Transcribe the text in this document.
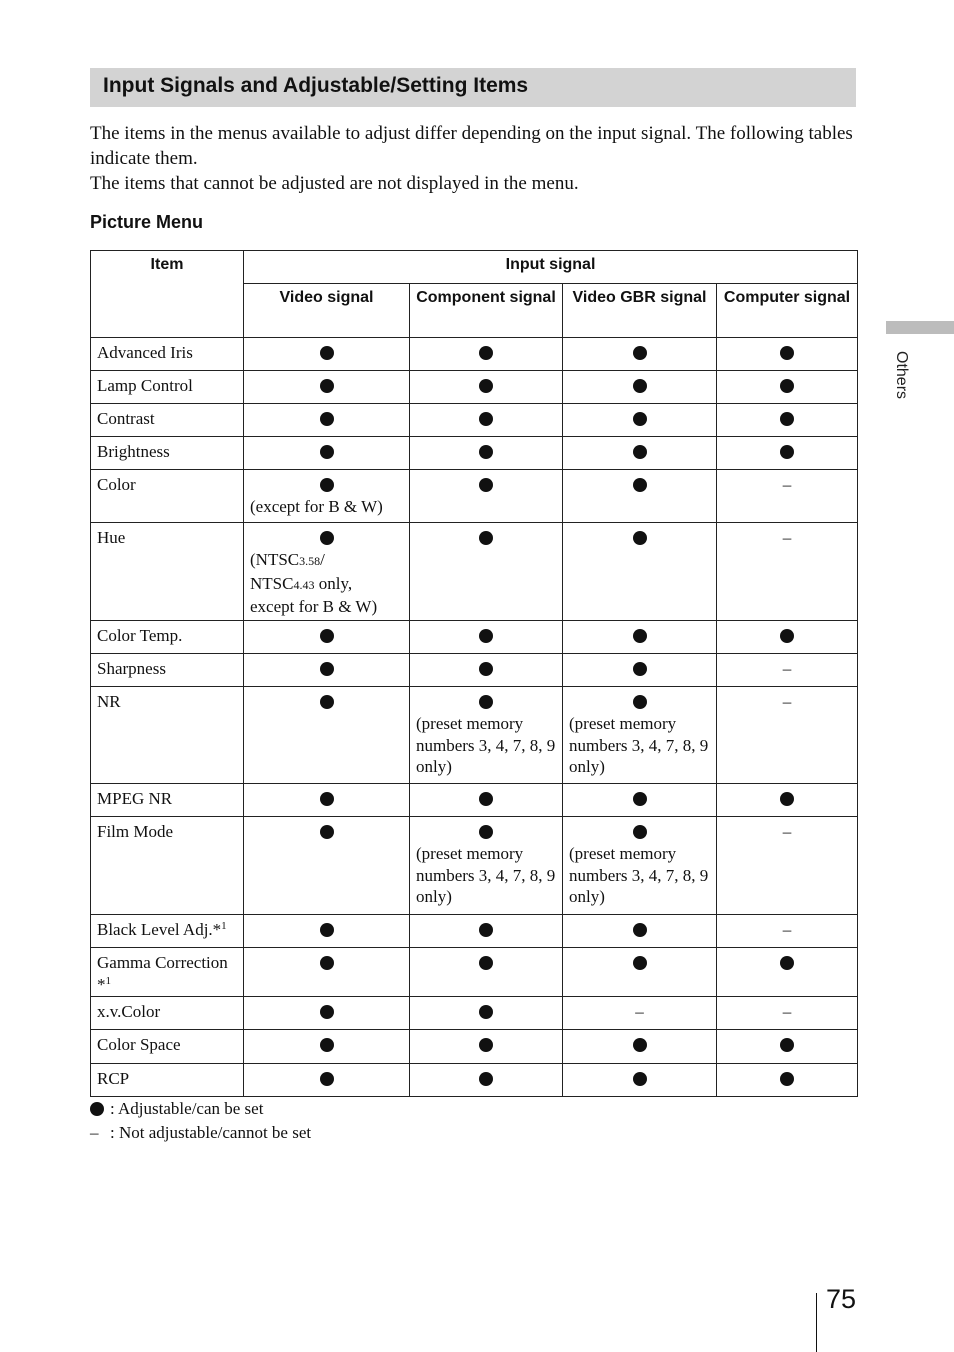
Input Signals and Adjustable/Setting Items

The items in the menus available to adjust differ depending on the input signal. The following tables indicate them.

The items that cannot be adjusted are not displayed in the menu.

Picture Menu
Item	Input signal			
	Video signal	Component signal	Video GBR signal	Computer signal
Advanced Iris				
Lamp Control				
Contrast				
Brightness				
Color	(except for B & W)			–
Hue	(NTSC3.58/
NTSC4.43 only,
except for B & W)			–
Color Temp.				
Sharpness				–
NR		(preset memory numbers 3, 4, 7, 8, 9 only)	(preset memory numbers 3, 4, 7, 8, 9 only)	–
MPEG NR				
Film Mode		(preset memory numbers 3, 4, 7, 8, 9 only)	(preset memory numbers 3, 4, 7, 8, 9 only)	–
Black Level Adj.*$^1$				–
Gamma Correction *$^1$				
x.v.Color			–	–
Color Space				
RCP				
: Adjustable/can be set
– : Not adjustable/cannot be set
Others
75
